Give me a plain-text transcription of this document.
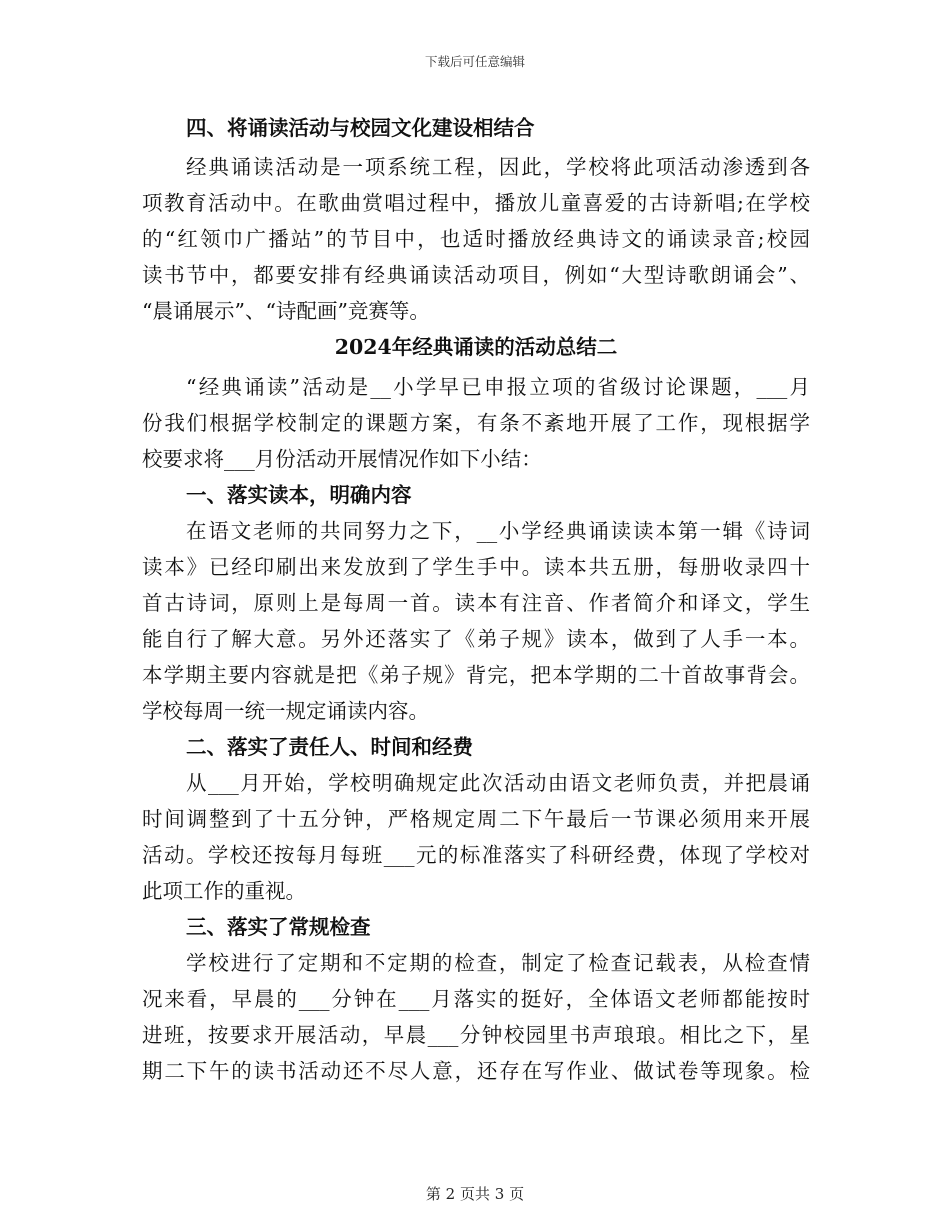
下载后可任意编辑
四、将诵读活动与校园文化建设相结合
经典诵读活动是一项系统工程，因此，学校将此项活动渗透到各
项教育活动中。在歌曲赏唱过程中，播放儿童喜爱的古诗新唱;在学校
的“红领巾广播站”的节目中，也适时播放经典诗文的诵读录音;校园
读书节中，都要安排有经典诵读活动项目，例如“大型诗歌朗诵会”、
“晨诵展示”、“诗配画”竞赛等。
2024年经典诵读的活动总结二
“经典诵读”活动是__小学早已申报立项的省级讨论课题，___月
份我们根据学校制定的课题方案，有条不紊地开展了工作，现根据学
校要求将___月份活动开展情况作如下小结：
一、落实读本，明确内容
在语文老师的共同努力之下，__小学经典诵读读本第一辑《诗词
读本》已经印刷出来发放到了学生手中。读本共五册，每册收录四十
首古诗词，原则上是每周一首。读本有注音、作者简介和译文，学生
能自行了解大意。另外还落实了《弟子规》读本，做到了人手一本。
本学期主要内容就是把《弟子规》背完，把本学期的二十首故事背会。
学校每周一统一规定诵读内容。
二、落实了责任人、时间和经费
从___月开始，学校明确规定此次活动由语文老师负责，并把晨诵
时间调整到了十五分钟，严格规定周二下午最后一节课必须用来开展
活动。学校还按每月每班___元的标准落实了科研经费，体现了学校对
此项工作的重视。
三、落实了常规检查
学校进行了定期和不定期的检查，制定了检查记载表，从检查情
况来看，早晨的___分钟在___月落实的挺好，全体语文老师都能按时
进班，按要求开展活动，早晨___分钟校园里书声琅琅。相比之下，星
期二下午的读书活动还不尽人意，还存在写作业、做试卷等现象。检
第 2 页共 3 页
